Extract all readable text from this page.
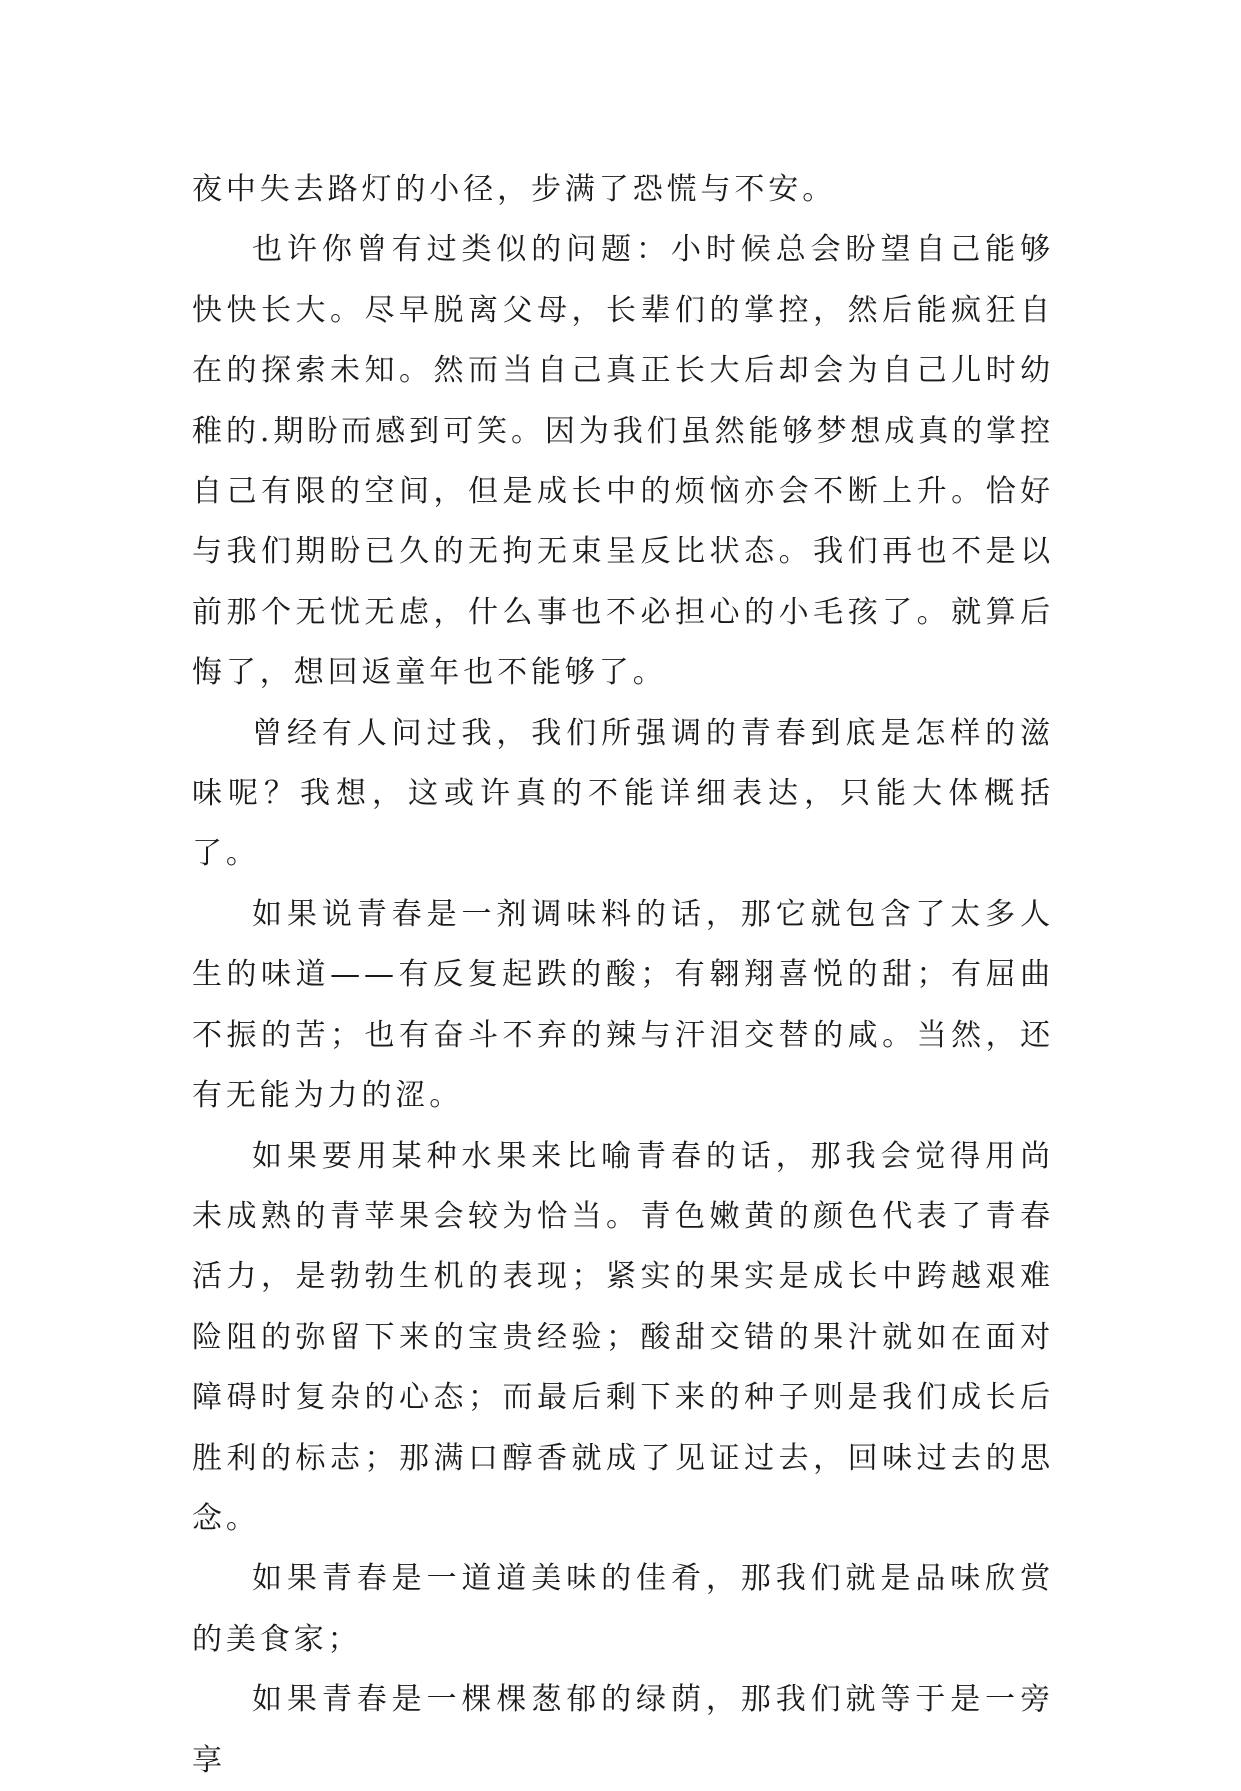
夜中失去路灯的小径，步满了恐慌与不安。

也许你曾有过类似的问题：小时候总会盼望自己能够快快长大。尽早脱离父母，长辈们的掌控，然后能疯狂自在的探索未知。然而当自己真正长大后却会为自己儿时幼稚的.期盼而感到可笑。因为我们虽然能够梦想成真的掌控自己有限的空间，但是成长中的烦恼亦会不断上升。恰好与我们期盼已久的无拘无束呈反比状态。我们再也不是以前那个无忧无虑，什么事也不必担心的小毛孩了。就算后悔了，想回返童年也不能够了。

曾经有人问过我，我们所强调的青春到底是怎样的滋味呢？我想，这或许真的不能详细表达，只能大体概括了。

如果说青春是一剂调味料的话，那它就包含了太多人生的味道——有反复起跌的酸；有翱翔喜悦的甜；有屈曲不振的苦；也有奋斗不弃的辣与汗泪交替的咸。当然，还有无能为力的涩。

如果要用某种水果来比喻青春的话，那我会觉得用尚未成熟的青苹果会较为恰当。青色嫩黄的颜色代表了青春活力，是勃勃生机的表现；紧实的果实是成长中跨越艰难险阻的弥留下来的宝贵经验；酸甜交错的果汁就如在面对障碍时复杂的心态；而最后剩下来的种子则是我们成长后胜利的标志；那满口醇香就成了见证过去，回味过去的思念。

如果青春是一道道美味的佳肴，那我们就是品味欣赏的美食家；

如果青春是一棵棵葱郁的绿荫，那我们就等于是一旁享
